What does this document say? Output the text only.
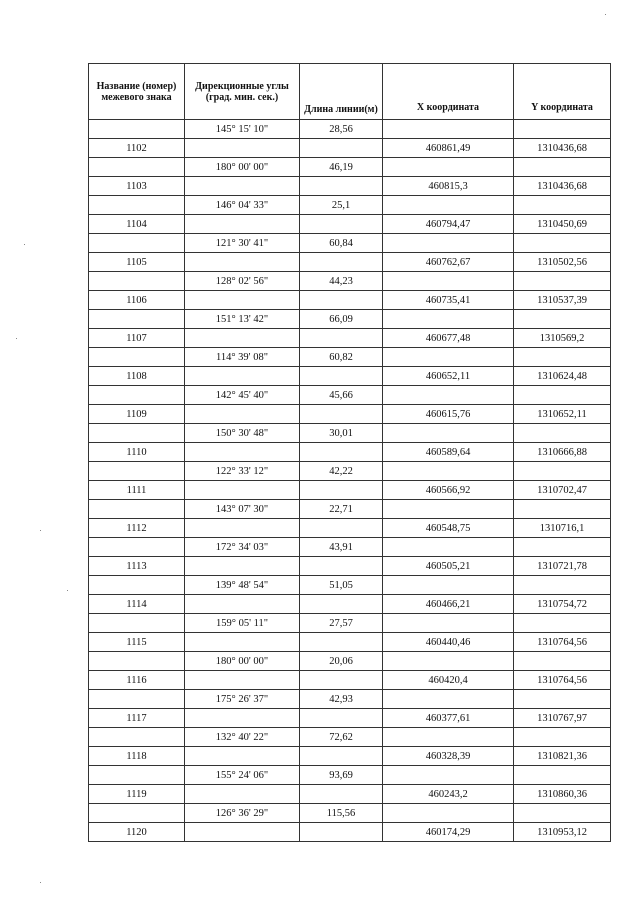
Название (номер) межевого знака	Дирекционные углы (град. мин. сек.)	Длина линии(м)	X координата	Y координата
	145° 15' 10"	28,56		
1102			460861,49	1310436,68
	180° 00' 00"	46,19		
1103			460815,3	1310436,68
	146° 04' 33"	25,1		
1104			460794,47	1310450,69
	121° 30' 41"	60,84		
1105			460762,67	1310502,56
	128° 02' 56"	44,23		
1106			460735,41	1310537,39
	151° 13' 42"	66,09		
1107			460677,48	1310569,2
	114° 39' 08"	60,82		
1108			460652,11	1310624,48
	142° 45' 40"	45,66		
1109			460615,76	1310652,11
	150° 30' 48"	30,01		
1110			460589,64	1310666,88
	122° 33' 12"	42,22		
1111			460566,92	1310702,47
	143° 07' 30"	22,71		
1112			460548,75	1310716,1
	172° 34' 03"	43,91		
1113			460505,21	1310721,78
	139° 48' 54"	51,05		
1114			460466,21	1310754,72
	159° 05' 11"	27,57		
1115			460440,46	1310764,56
	180° 00' 00"	20,06		
1116			460420,4	1310764,56
	175° 26' 37"	42,93		
1117			460377,61	1310767,97
	132° 40' 22"	72,62		
1118			460328,39	1310821,36
	155° 24' 06"	93,69		
1119			460243,2	1310860,36
	126° 36' 29"	115,56		
1120			460174,29	1310953,12
